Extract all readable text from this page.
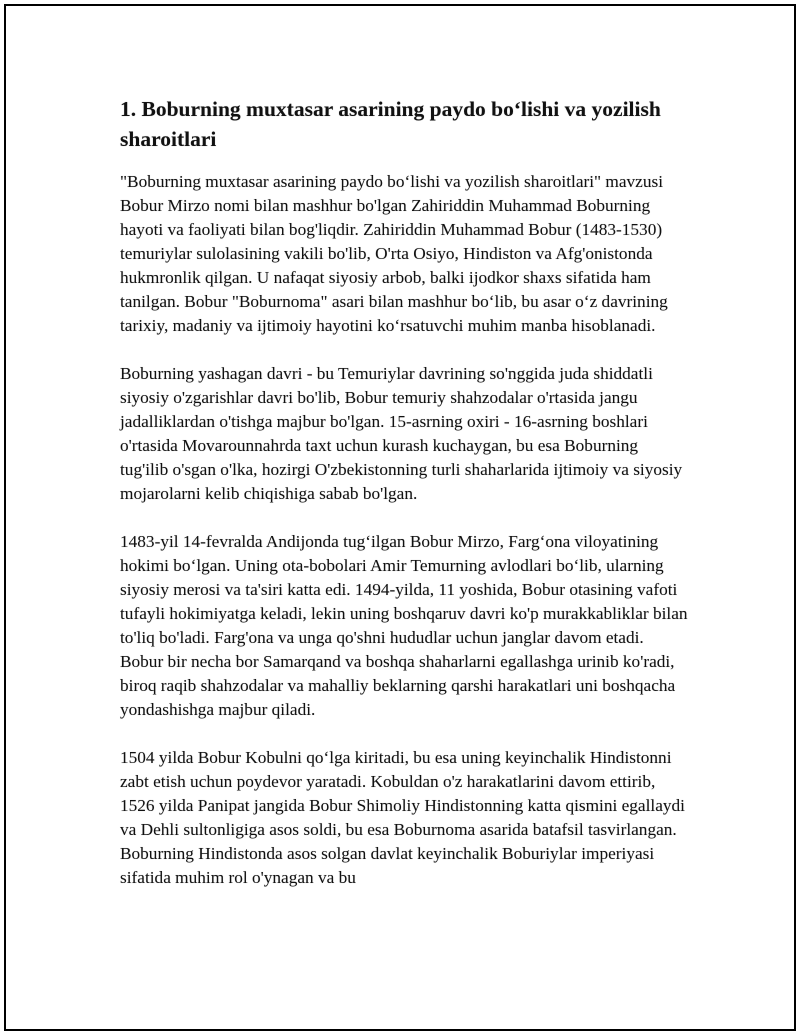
1. Boburning muxtasar asarining paydo bo‘lishi va yozilish sharoitlari

"Boburning muxtasar asarining paydo bo‘lishi va yozilish sharoitlari" mavzusi Bobur Mirzo nomi bilan mashhur bo'lgan Zahiriddin Muhammad Boburning hayoti va faoliyati bilan bog'liqdir. Zahiriddin Muhammad Bobur (1483-1530) temuriylar sulolasining vakili bo'lib, O'rta Osiyo, Hindiston va Afg'onistonda hukmronlik qilgan. U nafaqat siyosiy arbob, balki ijodkor shaxs sifatida ham tanilgan. Bobur "Boburnoma" asari bilan mashhur bo‘lib, bu asar o‘z davrining tarixiy, madaniy va ijtimoiy hayotini ko‘rsatuvchi muhim manba hisoblanadi.

Boburning yashagan davri - bu Temuriylar davrining so'nggida juda shiddatli siyosiy o'zgarishlar davri bo'lib, Bobur temuriy shahzodalar o'rtasida jangu jadalliklardan o'tishga majbur bo'lgan. 15-asrning oxiri - 16-asrning boshlari o'rtasida Movarounnahrda taxt uchun kurash kuchaygan, bu esa Boburning tug'ilib o'sgan o'lka, hozirgi O'zbekistonning turli shaharlarida ijtimoiy va siyosiy mojarolarni kelib chiqishiga sabab bo'lgan.

1483-yil 14-fevralda Andijonda tug‘ilgan Bobur Mirzo, Farg‘ona viloyatining hokimi bo‘lgan. Uning ota-bobolari Amir Temurning avlodlari bo‘lib, ularning siyosiy merosi va ta'siri katta edi. 1494-yilda, 11 yoshida, Bobur otasining vafoti tufayli hokimiyatga keladi, lekin uning boshqaruv davri ko'p murakkabliklar bilan to'liq bo'ladi. Farg'ona va unga qo'shni hududlar uchun janglar davom etadi. Bobur bir necha bor Samarqand va boshqa shaharlarni egallashga urinib ko'radi, biroq raqib shahzodalar va mahalliy beklarning qarshi harakatlari uni boshqacha yondashishga majbur qiladi.

1504 yilda Bobur Kobulni qo‘lga kiritadi, bu esa uning keyinchalik Hindistonni zabt etish uchun poydevor yaratadi. Kobuldan o'z harakatlarini davom ettirib, 1526 yilda Panipat jangida Bobur Shimoliy Hindistonning katta qismini egallaydi va Dehli sultonligiga asos soldi, bu esa Boburnoma asarida batafsil tasvirlangan. Boburning Hindistonda asos solgan davlat keyinchalik Boburiylar imperiyasi sifatida muhim rol o'ynagan va bu
